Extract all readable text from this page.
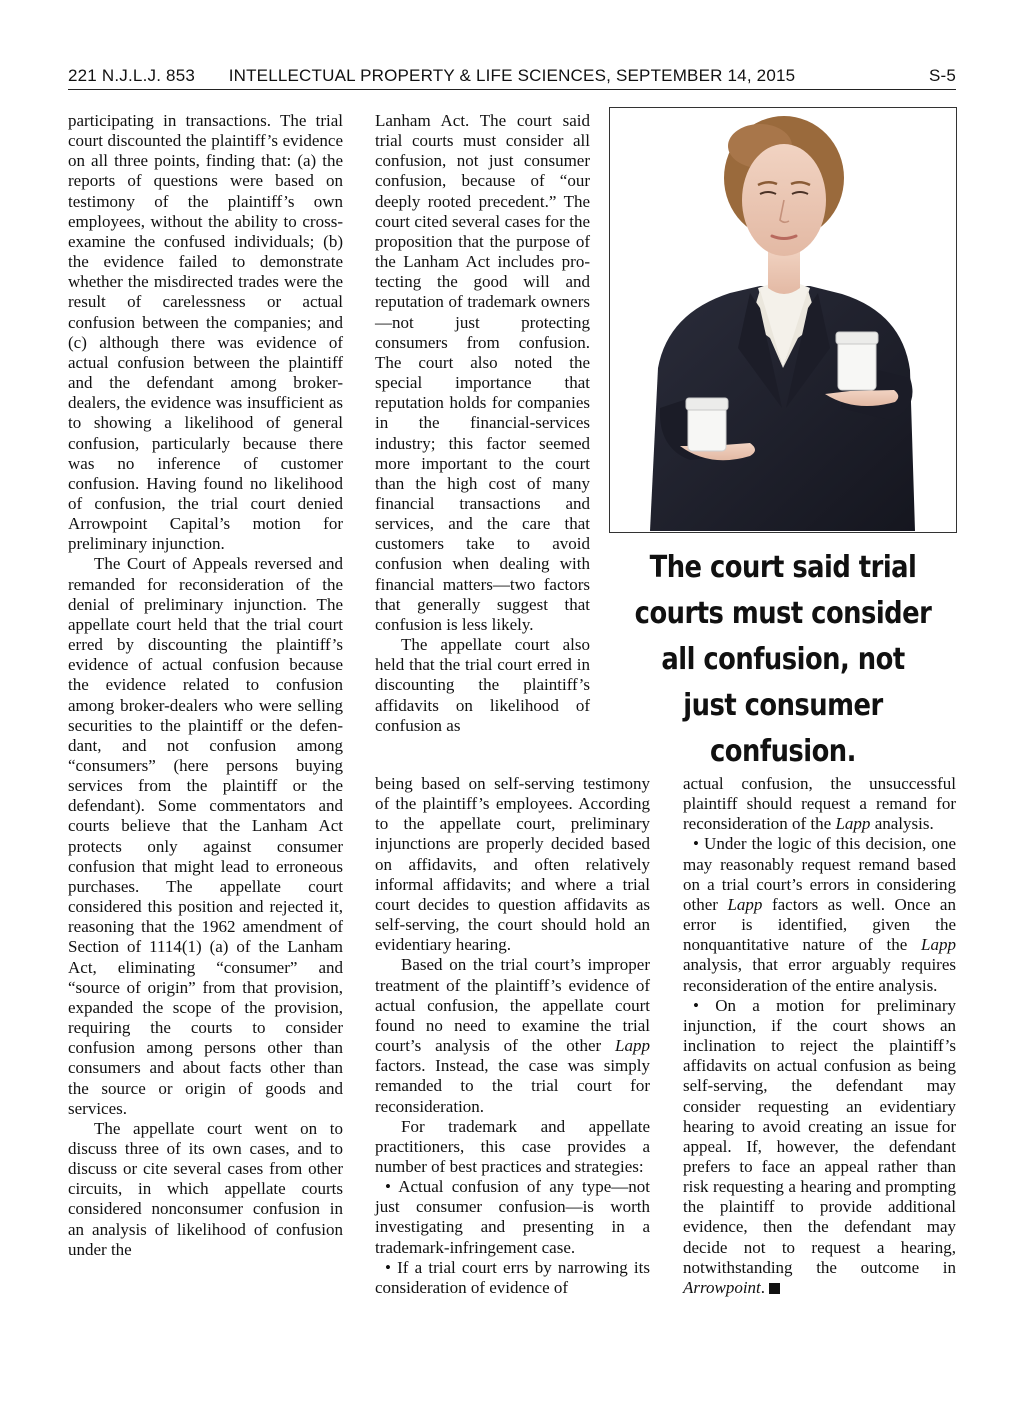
221 N.J.L.J. 853	INTELLECTUAL PROPERTY & LIFE SCIENCES, SEPTEMBER 14, 2015	S-5

participating in transactions. The trial court discounted the plaintiff’s evidence on all three points, finding that: (a) the reports of questions were based on testimony of the plaintiff’s own employees, without the ability to cross-examine the confused individuals; (b) the evidence failed to demonstrate whether the misdirected trades were the result of carelessness or actual confusion between the companies; and (c) although there was evidence of actual confusion between the plaintiff and the defendant among broker-dealers, the evidence was insufficient as to showing a likelihood of general confusion, particularly because there was no inference of customer confusion. Having found no likelihood of confusion, the trial court denied Arrowpoint Capital’s motion for preliminary injunction.

The Court of Appeals reversed and remanded for reconsideration of the denial of preliminary injunction. The appellate court held that the trial court erred by discounting the plaintiff’s evidence of actual confusion because the evidence related to confusion among broker-dealers who were selling securities to the plaintiff or the defendant, and not confusion among “consumers” (here persons buying services from the plaintiff or the defendant). Some commentators and courts believe that the Lanham Act protects only against consumer confusion that might lead to erroneous purchases. The appellate court considered this position and rejected it, reasoning that the 1962 amendment of Section of 1114(1) (a) of the Lanham Act, eliminating “consumer” and “source of origin” from that provision, expanded the scope of the provision, requiring the courts to consider confusion among persons other than consumers and about facts other than the source or origin of goods and services.

The appellate court went on to discuss three of its own cases, and to discuss or cite several cases from other circuits, in which appellate courts considered nonconsumer confusion in an analysis of likelihood of confusion under the

Lanham Act. The court said trial courts must consider all confusion, not just consumer confusion, because of “our deeply rooted precedent.” The court cited several cases for the proposition that the purpose of the Lanham Act includes protecting the good will and reputation of trademark owners—not just protecting consumers from confusion. The court also noted the special importance that reputation holds for companies in the financial-services industry; this factor seemed more important to the court than the high cost of many financial transactions and services, and the care that customers take to avoid confusion when dealing with financial matters—two factors that generally suggest that confusion is less likely.

The appellate court also held that the trial court erred in discounting the plaintiff’s affidavits on likelihood of confusion as

being based on self-serving testimony of the plaintiff’s employees. According to the appellate court, preliminary injunctions are properly decided based on affidavits, and often relatively informal affidavits; and where a trial court decides to question affidavits as self-serving, the court should hold an evidentiary hearing.

Based on the trial court’s improper treatment of the plaintiff’s evidence of actual confusion, the appellate court found no need to examine the trial court’s analysis of the other Lapp factors. Instead, the case was simply remanded to the trial court for reconsideration.

For trademark and appellate practitioners, this case provides a number of best practices and strategies:

• Actual confusion of any type—not just consumer confusion—is worth investigating and presenting in a trademark-infringement case.

• If a trial court errs by narrowing its consideration of evidence of

actual confusion, the unsuccessful plaintiff should request a remand for reconsideration of the Lapp analysis.

• Under the logic of this decision, one may reasonably request remand based on a trial court’s errors in considering other Lapp factors as well. Once an error is identified, given the nonquantitative nature of the Lapp analysis, that error arguably requires reconsideration of the entire analysis.

• On a motion for preliminary injunction, if the court shows an inclination to reject the plaintiff’s affidavits on actual confusion as being self-serving, the defendant may consider requesting an evidentiary hearing to avoid creating an issue for appeal. If, however, the defendant prefers to face an appeal rather than risk requesting a hearing and prompting the plaintiff to provide additional evidence, then the defendant may decide not to request a hearing, notwithstanding the outcome in Arrowpoint.

The court said trial courts must consider all confusion, not just consumer confusion.
